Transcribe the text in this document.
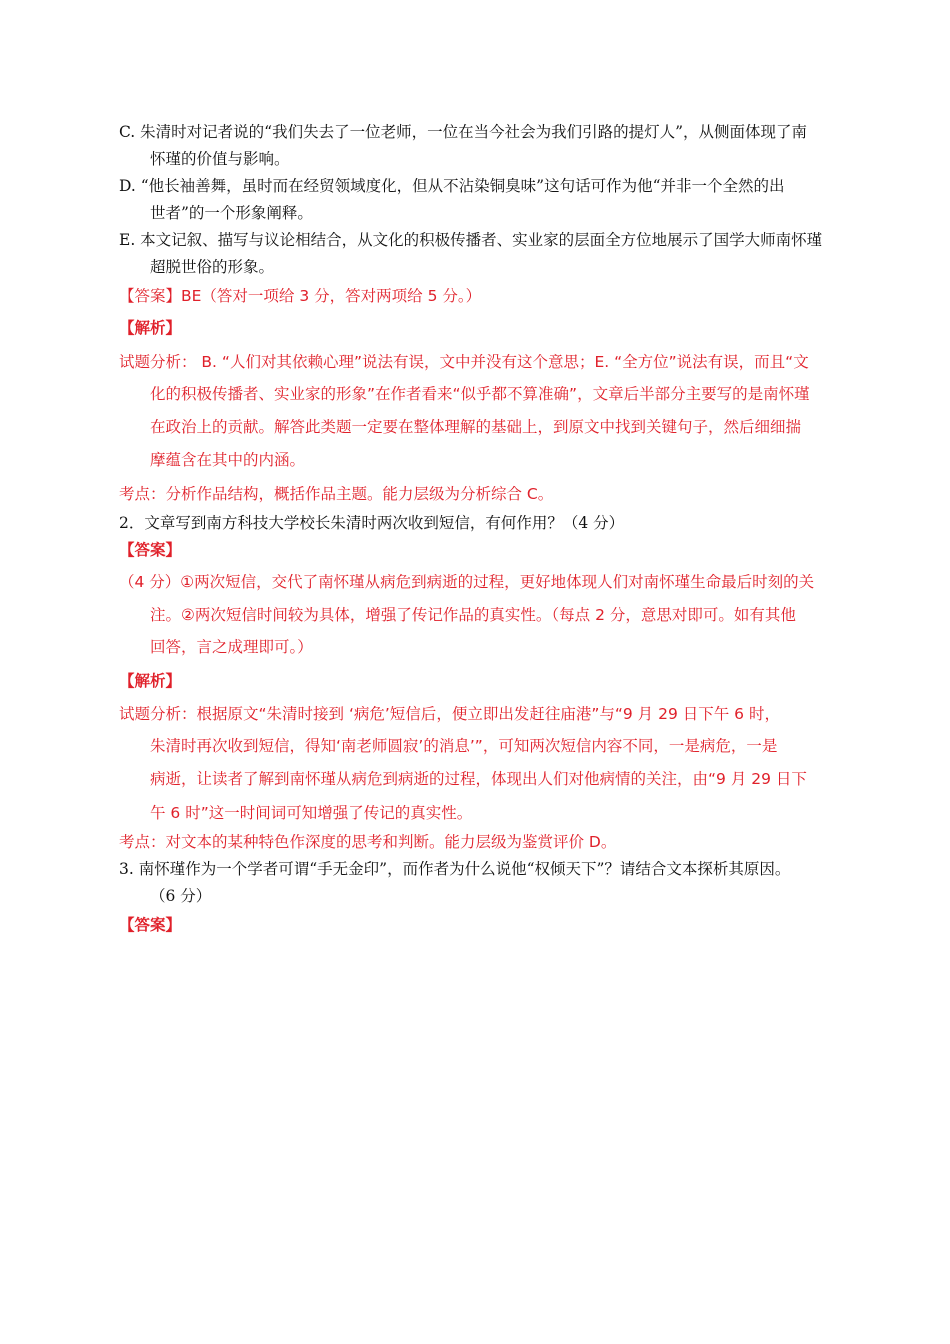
C. 朱清时对记者说的“我们失去了一位老师，一位在当今社会为我们引路的提灯人”，从侧面体现了南
怀瑾的价值与影响。
D. “他长袖善舞，虽时而在经贸领域度化，但从不沾染铜臭味”这句话可作为他“并非一个全然的出
世者”的一个形象阐释。
E. 本文记叙、描写与议论相结合，从文化的积极传播者、实业家的层面全方位地展示了国学大师南怀瑾
超脱世俗的形象。
【答案】BE（答对一项给 3 分，答对两项给 5 分。）
【解析】
试题分析： B. “人们对其依赖心理”说法有误，文中并没有这个意思；E. “全方位”说法有误，而且“文
化的积极传播者、实业家的形象”在作者看来“似乎都不算准确”，文章后半部分主要写的是南怀瑾
在政治上的贡献。解答此类题一定要在整体理解的基础上，到原文中找到关键句子，然后细细揣
摩蕴含在其中的内涵。
考点：分析作品结构，概括作品主题。能力层级为分析综合 C。
2．文章写到南方科技大学校长朱清时两次收到短信，有何作用？（4 分）
【答案】
（4 分）①两次短信，交代了南怀瑾从病危到病逝的过程，更好地体现人们对南怀瑾生命最后时刻的关
注。②两次短信时间较为具体，增强了传记作品的真实性。（每点 2 分，意思对即可。如有其他
回答，言之成理即可。）
【解析】
试题分析：根据原文“朱清时接到 ‘病危’短信后，便立即出发赶往庙港”与“9 月 29 日下午 6 时，
朱清时再次收到短信，得知‘南老师圆寂’的消息’”，可知两次短信内容不同，一是病危，一是
病逝，让读者了解到南怀瑾从病危到病逝的过程，体现出人们对他病情的关注，由“9 月 29 日下
午 6 时”这一时间词可知增强了传记的真实性。
考点：对文本的某种特色作深度的思考和判断。能力层级为鉴赏评价 D。
3. 南怀瑾作为一个学者可谓“手无金印”，而作者为什么说他“权倾天下”？请结合文本探析其原因。
（6 分）
【答案】
